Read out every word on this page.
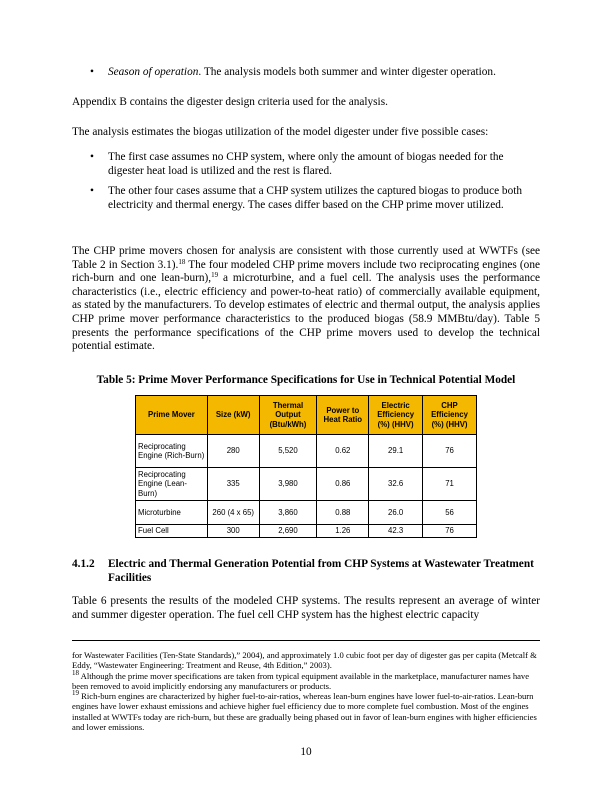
• Season of operation. The analysis models both summer and winter digester operation.

Appendix B contains the digester design criteria used for the analysis.

The analysis estimates the biogas utilization of the model digester under five possible cases:

• The first case assumes no CHP system, where only the amount of biogas needed for the digester heat load is utilized and the rest is flared.

• The other four cases assume that a CHP system utilizes the captured biogas to produce both electricity and thermal energy. The cases differ based on the CHP prime mover utilized.

The CHP prime movers chosen for analysis are consistent with those currently used at WWTFs (see Table 2 in Section 3.1).$^{18}$ The four modeled CHP prime movers include two reciprocating engines (one rich-burn and one lean-burn),$^{19}$ a microturbine, and a fuel cell. The analysis uses the performance characteristics (i.e., electric efficiency and power-to-heat ratio) of commercially available equipment, as stated by the manufacturers. To develop estimates of electric and thermal output, the analysis applies CHP prime mover performance characteristics to the produced biogas (58.9 MMBtu/day). Table 5 presents the performance specifications of the CHP prime movers used to develop the technical potential estimate.

Table 5: Prime Mover Performance Specifications for Use in Technical Potential Model
Prime Mover	Size (kW)	Thermal Output (Btu/kWh)	Power to Heat Ratio	Electric Efficiency (%) (HHV)	CHP Efficiency (%) (HHV)
Reciprocating Engine (Rich-Burn)	280	5,520	0.62	29.1	76
Reciprocating Engine (Lean-Burn)	335	3,980	0.86	32.6	71
Microturbine	260 (4 x 65)	3,860	0.88	26.0	56
Fuel Cell	300	2,690	1.26	42.3	76
4.1.2 Electric and Thermal Generation Potential from CHP Systems at Wastewater Treatment Facilities

Table 6 presents the results of the modeled CHP systems. The results represent an average of winter and summer digester operation. The fuel cell CHP system has the highest electric capacity

for Wastewater Facilities (Ten-State Standards),” 2004), and approximately 1.0 cubic foot per day of digester gas per capita (Metcalf & Eddy, “Wastewater Engineering: Treatment and Reuse, 4th Edition,” 2003).

$^{18}$ Although the prime mover specifications are taken from typical equipment available in the marketplace, manufacturer names have been removed to avoid implicitly endorsing any manufacturers or products.

$^{19}$ Rich-burn engines are characterized by higher fuel-to-air-ratios, whereas lean-burn engines have lower fuel-to-air-ratios. Lean-burn engines have lower exhaust emissions and achieve higher fuel efficiency due to more complete fuel combustion. Most of the engines installed at WWTFs today are rich-burn, but these are gradually being phased out in favor of lean-burn engines with higher efficiencies and lower emissions.

10
